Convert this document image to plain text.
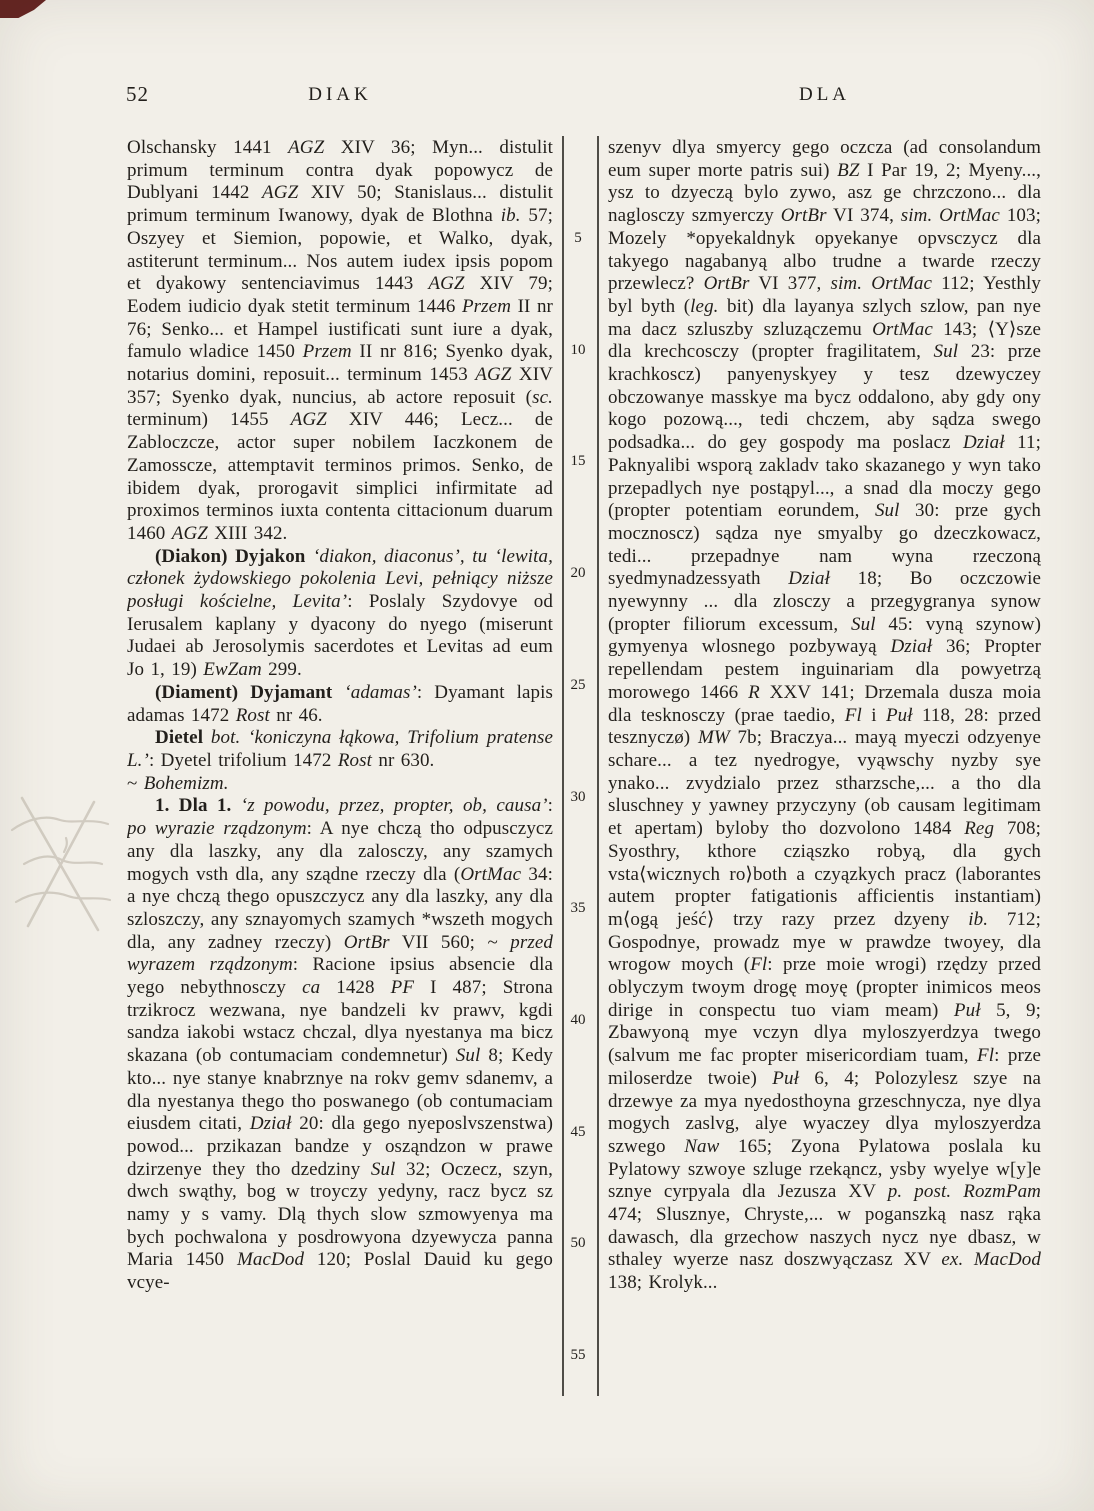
52	DIAK	DLA
5
10
15
20
25
30
35
40
45
50
55

Olschansky 1441 AGZ XIV 36; Myn... distulit primum terminum contra dyak popowycz de Dublyani 1442 AGZ XIV 50; Stanislaus... distulit primum terminum Iwanowy, dyak de Blothna ib. 57; Oszyey et Siemion, popowie, et Walko, dyak, astiterunt terminum... Nos autem iudex ipsis popom et dyakowy sentenciavimus 1443 AGZ XIV 79; Eodem iudicio dyak stetit terminum 1446 Przem II nr 76; Senko... et Hampel iustificati sunt iure a dyak, famulo wladice 1450 Przem II nr 816; Syenko dyak, notarius domini, reposuit... terminum 1453 AGZ XIV 357; Syenko dyak, nuncius, ab actore reposuit (sc. terminum) 1455 AGZ XIV 446; Lecz... de Zabloczcze, actor super nobilem Iaczkonem de Zamosscze, attemptavit terminos primos. Senko, de ibidem dyak, prorogavit simplici infirmitate ad proximos terminos iuxta contenta cittacionum duarum 1460 AGZ XIII 342.

(Diakon) Dyjakon ‘diakon, diaconus’, tu ‘lewita, członek żydowskiego pokolenia Levi, pełniący niższe posługi kościelne, Levita’: Poslaly Szydovye od Ierusalem kaplany y dyacony do nyego (miserunt Judaei ab Jerosolymis sacerdotes et Levitas ad eum Jo 1, 19) EwZam 299.

(Diament) Dyjamant ‘adamas’: Dyamant lapis adamas 1472 Rost nr 46.

Dietel bot. ‘koniczyna łąkowa, Trifolium pratense L.’: Dyetel trifolium 1472 Rost nr 630.

~ Bohemizm.

1. Dla 1. ‘z powodu, przez, propter, ob, causa’: po wyrazie rządzonym: A nye chczą tho odpusczycz any dla laszky, any dla zalosczy, any szamych mogych vsth dla, any sządne rzeczy dla (OrtMac 34: a nye chczą thego opuszczycz any dla laszky, any dla szloszczy, any sznayomych szamych *wszeth mogych dla, any zadney rzeczy) OrtBr VII 560; ~ przed wyrazem rządzonym: Racione ipsius absencie dla yego nebythnosczy ca 1428 PF I 487; Strona trzikrocz wezwana, nye bandzeli kv prawv, kgdi sandza iakobi wstacz chczal, dlya nyestanya ma bicz skazana (ob contumaciam condemnetur) Sul 8; Kedy kto... nye stanye knabrznye na rokv gemv sdanemv, a dla nyestanya thego tho poswanego (ob contumaciam eiusdem citati, Dział 20: dla gego nyeposlvszenstwa) powod... przikazan bandze y osząndzon w prawe dzirzenye they tho dzedziny Sul 32; Oczecz, szyn, dwch swąthy, bog w troyczy yedyny, racz bycz sz namy y s vamy. Dlą thych slow szmowyenya ma bych pochwalona y posdrowyona dzyewycza panna Maria 1450 MacDod 120; Poslal Dauid ku gego vcye-

szenyv dlya smyercy gego oczcza (ad consolandum eum super morte patris sui) BZ I Par 19, 2; Myeny..., ysz to dzyeczą bylo zywo, asz ge chrzczono... dla naglosczy szmyerczy OrtBr VI 374, sim. OrtMac 103; Mozely *opyekaldnyk opyekanye opvsczycz dla takyego nagabanyą albo trudne a twarde rzeczy przewlecz? OrtBr VI 377, sim. OrtMac 112; Yesthly byl byth (leg. bit) dla layanya szlych szlow, pan nye ma dacz szluszby szluzączemu OrtMac 143; ⟨Y⟩sze dla krechcosczy (propter fragilitatem, Sul 23: prze krachkoscz) panyenyskyey y tesz dzewyczey obczowanye masskye ma bycz oddalono, aby gdy ony kogo pozową..., tedi chczem, aby sądza swego podsadka... do gey gospody ma poslacz Dział 11; Paknyalibi wsporą zakladv tako skazanego y wyn tako przepadlych nye postąpyl..., a snad dla moczy gego (propter potentiam eorundem, Sul 30: prze gych mocznoscz) sądza nye smyalby go dzeczkowacz, tedi... przepadnye nam wyna rzeczoną syedmynadzessyath Dział 18; Bo oczczowie nyewynny ... dla zlosczy a przegygranya synow (propter filiorum excessum, Sul 45: vyną szynow) gymyenya wlosnego pozbywayą Dział 36; Propter repellendam pestem inguinariam dla powyetrzą morowego 1466 R XXV 141; Drzemala dusza moia dla tesknosczy (prae taedio, Fl i Puł 118, 28: przed tesznyczø) MW 7b; Braczya... mayą myeczi odzyenye schare... a tez nyedrogye, vyąwschy nyzby sye ynako... zvydzialo przez stharzsche,... a tho dla sluschney y yawney przyczyny (ob causam legitimam et apertam) byloby tho dozvolono 1484 Reg 708; Syosthry, kthore cziąszko robyą, dla gych vsta⟨wicznych ro⟩both a czyązkych pracz (laborantes autem propter fatigationis afficientis instantiam) m⟨ogą jeść⟩ trzy razy przez dzyeny ib. 712; Gospodnye, prowadz mye w prawdze twoyey, dla wrogow moych (Fl: prze moie wrogi) rzędzy przed oblyczym twoym drogę moyę (propter inimicos meos dirige in conspectu tuo viam meam) Puł 5, 9; Zbawyoną mye vczyn dlya myloszyerdzya twego (salvum me fac propter misericordiam tuam, Fl: prze miloserdze twoie) Puł 6, 4; Polozylesz szye na drzewye za mya nyedosthoyna grzeschnycza, nye dlya mogych zaslvg, alye wyaczey dlya myloszyerdza szwego Naw 165; Zyona Pylatowa poslala ku Pylatowy szwoye szluge rzekąncz, ysby wyelye w[y]e sznye cyrpyala dla Jezusza XV p. post. RozmPam 474; Slusznye, Chryste,... w poganszką nasz rąka dawasch, dla grzechow naszych nycz nye dbasz, w sthaley wyerze nasz doszwyączasz XV ex. MacDod 138; Krolyk...
